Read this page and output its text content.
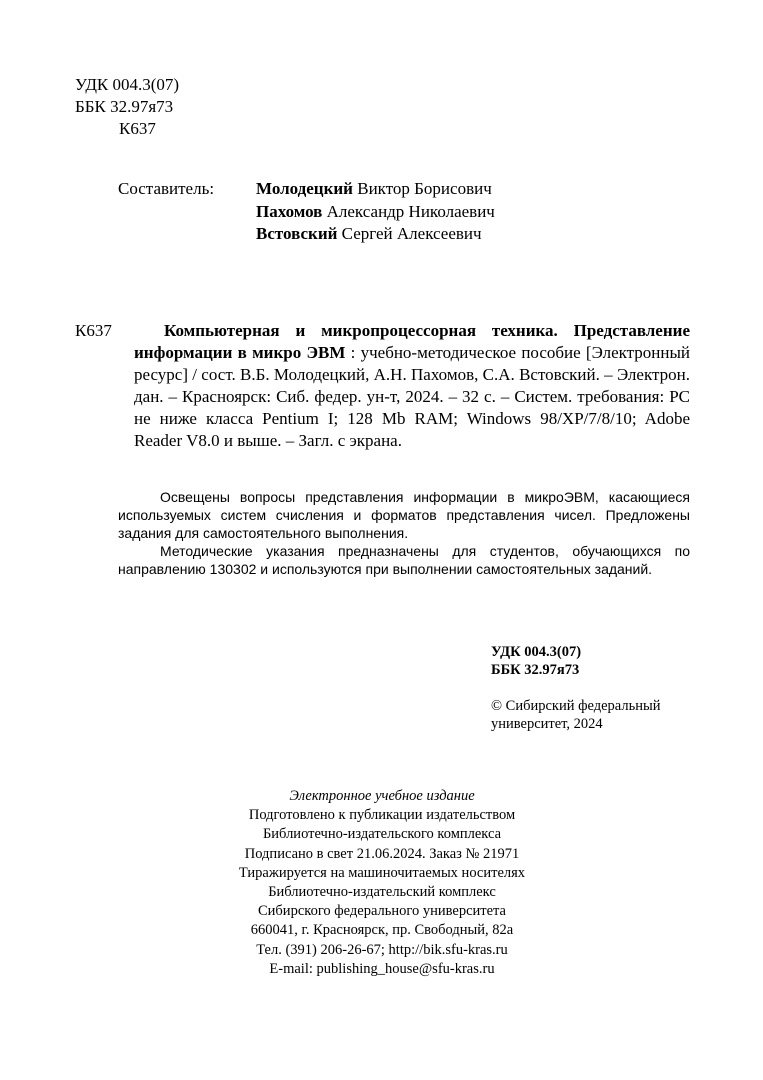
УДК 004.3(07)
ББК 32.97я73
К637
Составитель: Молодецкий Виктор Борисович
Пахомов Александр Николаевич
Встовский Сергей Алексеевич
К637	Компьютерная и микропроцессорная техника. Представление информации в микро ЭВМ : учебно-методическое пособие [Электронный ресурс] / сост. В.Б. Молодецкий, А.Н. Пахомов, С.А. Встовский. – Электрон. дан. – Красноярск: Сиб. федер. ун-т, 2024. – 32 с. – Систем. требования: PC не ниже класса Pentium I; 128 Mb RAM; Windows 98/XP/7/8/10; Adobe Reader V8.0 и выше. – Загл. с экрана.

Освещены вопросы представления информации в микроЭВМ, касающиеся используемых систем счисления и форматов представления чисел. Предложены задания для самостоятельного выполнения.

Методические указания предназначены для студентов, обучающихся по направлению 130302 и используются при выполнении самостоятельных заданий.

УДК 004.3(07)
ББК 32.97я73
© Сибирский федеральный
университет, 2024
Электронное учебное издание
Подготовлено к публикации издательством
Библиотечно-издательского комплекса
Подписано в свет 21.06.2024. Заказ № 21971
Тиражируется на машиночитаемых носителях
Библиотечно-издательский комплекс
Сибирского федерального университета
660041, г. Красноярск, пр. Свободный, 82а
Тел. (391) 206-26-67; http://bik.sfu-kras.ru
E-mail: publishing_house@sfu-kras.ru
